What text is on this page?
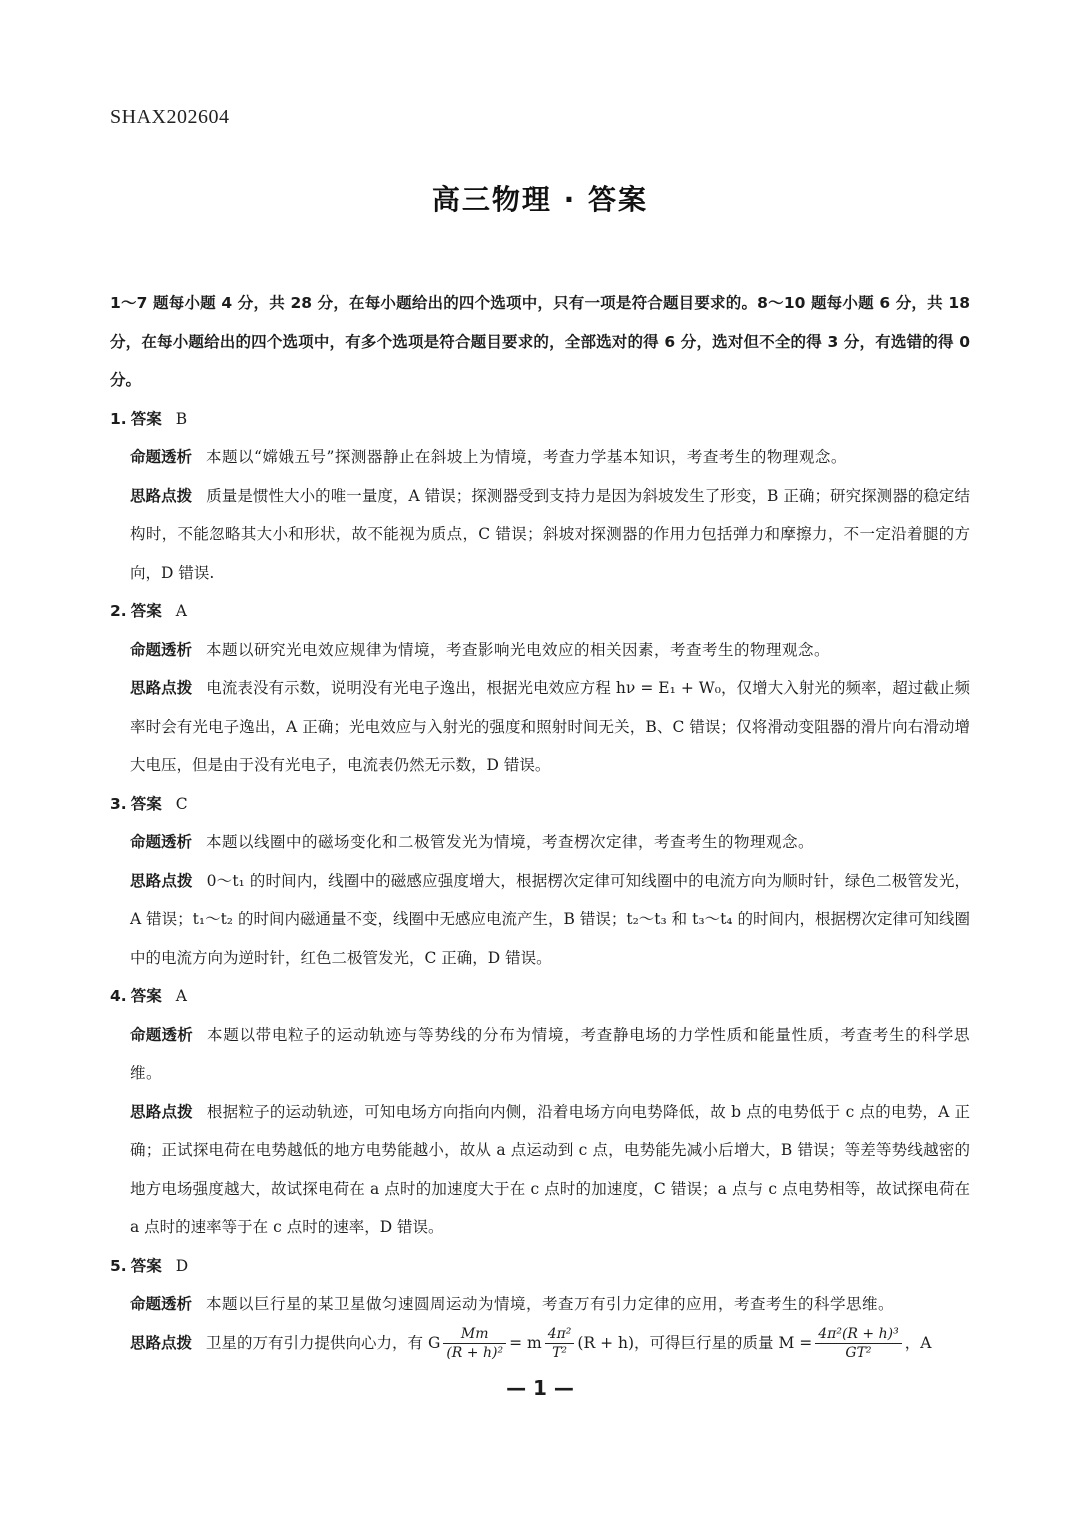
SHAX202604
高三物理 · 答案

1～7 题每小题 4 分，共 28 分，在每小题给出的四个选项中，只有一项是符合题目要求的。8～10 题每小题 6 分，共 18 分，在每小题给出的四个选项中，有多个选项是符合题目要求的，全部选对的得 6 分，选对但不全的得 3 分，有选错的得 0 分。

1. 答案 B

命题透析 本题以“嫦娥五号”探测器静止在斜坡上为情境，考查力学基本知识，考查考生的物理观念。

思路点拨 质量是惯性大小的唯一量度，A 错误；探测器受到支持力是因为斜坡发生了形变，B 正确；研究探测器的稳定结构时，不能忽略其大小和形状，故不能视为质点，C 错误；斜坡对探测器的作用力包括弹力和摩擦力，不一定沿着腿的方向，D 错误.

2. 答案 A

命题透析 本题以研究光电效应规律为情境，考查影响光电效应的相关因素，考查考生的物理观念。

思路点拨 电流表没有示数，说明没有光电子逸出，根据光电效应方程 hν = E₁ + W₀，仅增大入射光的频率，超过截止频率时会有光电子逸出，A 正确；光电效应与入射光的强度和照射时间无关，B、C 错误；仅将滑动变阻器的滑片向右滑动增大电压，但是由于没有光电子，电流表仍然无示数，D 错误。

3. 答案 C

命题透析 本题以线圈中的磁场变化和二极管发光为情境，考查楞次定律，考查考生的物理观念。

思路点拨 0～t₁ 的时间内，线圈中的磁感应强度增大，根据楞次定律可知线圈中的电流方向为顺时针，绿色二极管发光，A 错误；t₁～t₂ 的时间内磁通量不变，线圈中无感应电流产生，B 错误；t₂～t₃ 和 t₃～t₄ 的时间内，根据楞次定律可知线圈中的电流方向为逆时针，红色二极管发光，C 正确，D 错误。

4. 答案 A

命题透析 本题以带电粒子的运动轨迹与等势线的分布为情境，考查静电场的力学性质和能量性质，考查考生的科学思维。

思路点拨 根据粒子的运动轨迹，可知电场方向指向内侧，沿着电场方向电势降低，故 b 点的电势低于 c 点的电势，A 正确；正试探电荷在电势越低的地方电势能越小，故从 a 点运动到 c 点，电势能先减小后增大，B 错误；等差等势线越密的地方电场强度越大，故试探电荷在 a 点时的加速度大于在 c 点时的加速度，C 错误；a 点与 c 点电势相等，故试探电荷在 a 点时的速率等于在 c 点时的速率，D 错误。

5. 答案 D

命题透析 本题以巨行星的某卫星做匀速圆周运动为情境，考查万有引力定律的应用，考查考生的科学思维。

思路点拨 卫星的万有引力提供向心力，有 G $\frac{Mm}{\text{(R + h)²}} = m \frac{\text{4π²}}{\text{T²}} (R + h)$，可得巨行星的质量 $M = \frac{\text{4π²(R + h)³}}{\text{GT²}}$ ，A

— 1 —
